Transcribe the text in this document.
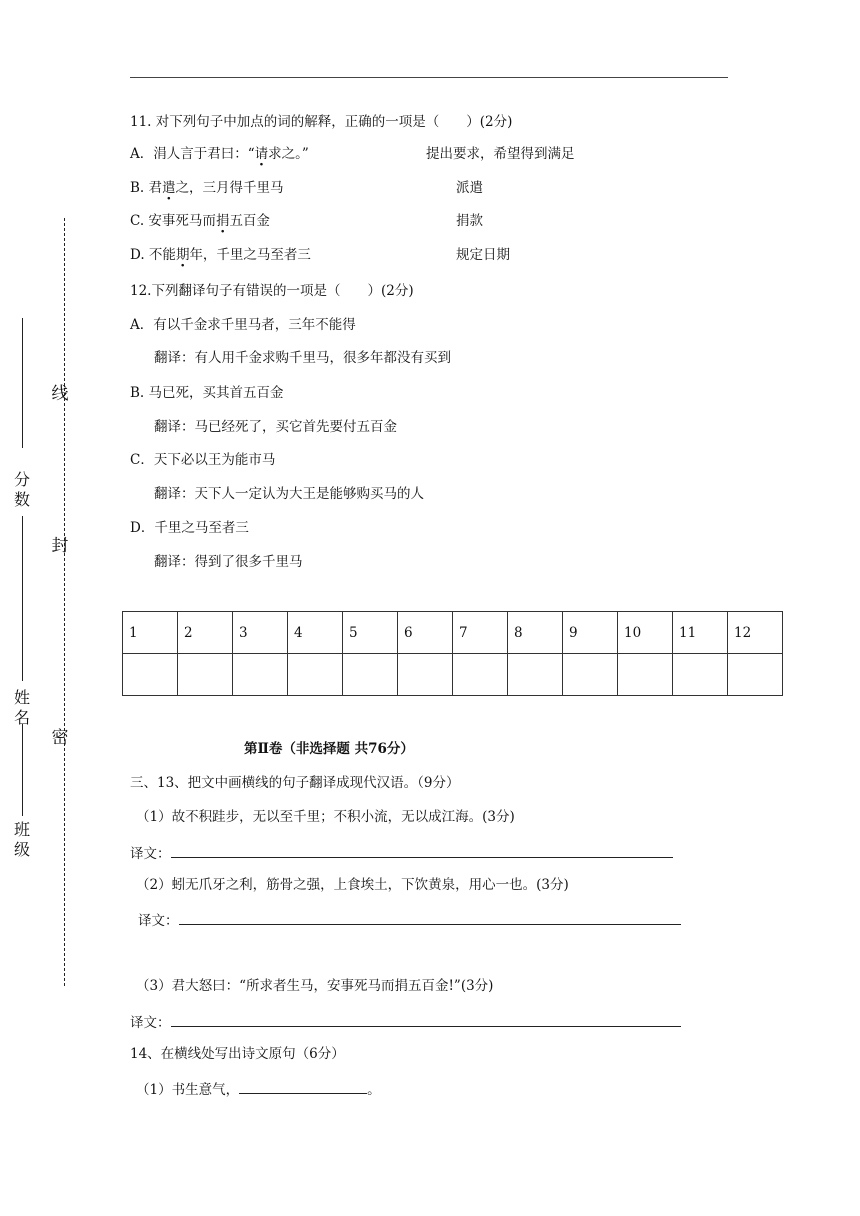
分数
姓名
班级
线
封
密
11. 对下列句子中加点的词的解释，正确的一项是（　　）(2分)
A．涓人言于君曰：“请求之。”	提出要求，希望得到满足
B. 君遣之，三月得千里马	派遣
C. 安事死马而捐五百金	捐款
D. 不能期年，千里之马至者三	规定日期
12.下列翻译句子有错误的一项是（　　）(2分)
A．有以千金求千里马者，三年不能得
翻译：有人用千金求购千里马，很多年都没有买到
B. 马已死，买其首五百金
翻译：马已经死了，买它首先要付五百金
C．天下必以王为能市马
翻译：天下人一定认为大王是能够购买马的人
D．千里之马至者三
翻译：得到了很多千里马
1	2	3	4	5	6	7	8	9	10	11	12

第Ⅱ卷（非选择题 共76分）
三、13、把文中画横线的句子翻译成现代汉语。（9分）
（1）故不积跬步，无以至千里；不积小流，无以成江海。(3分)
译文：
（2）蚓无爪牙之利，筋骨之强，上食埃土，下饮黄泉，用心一也。(3分)
译文：
（3）君大怒曰：“所求者生马，安事死马而捐五百金!”(3分)
译文：
14、在横线处写出诗文原句（6分）
（1）书生意气，	。
